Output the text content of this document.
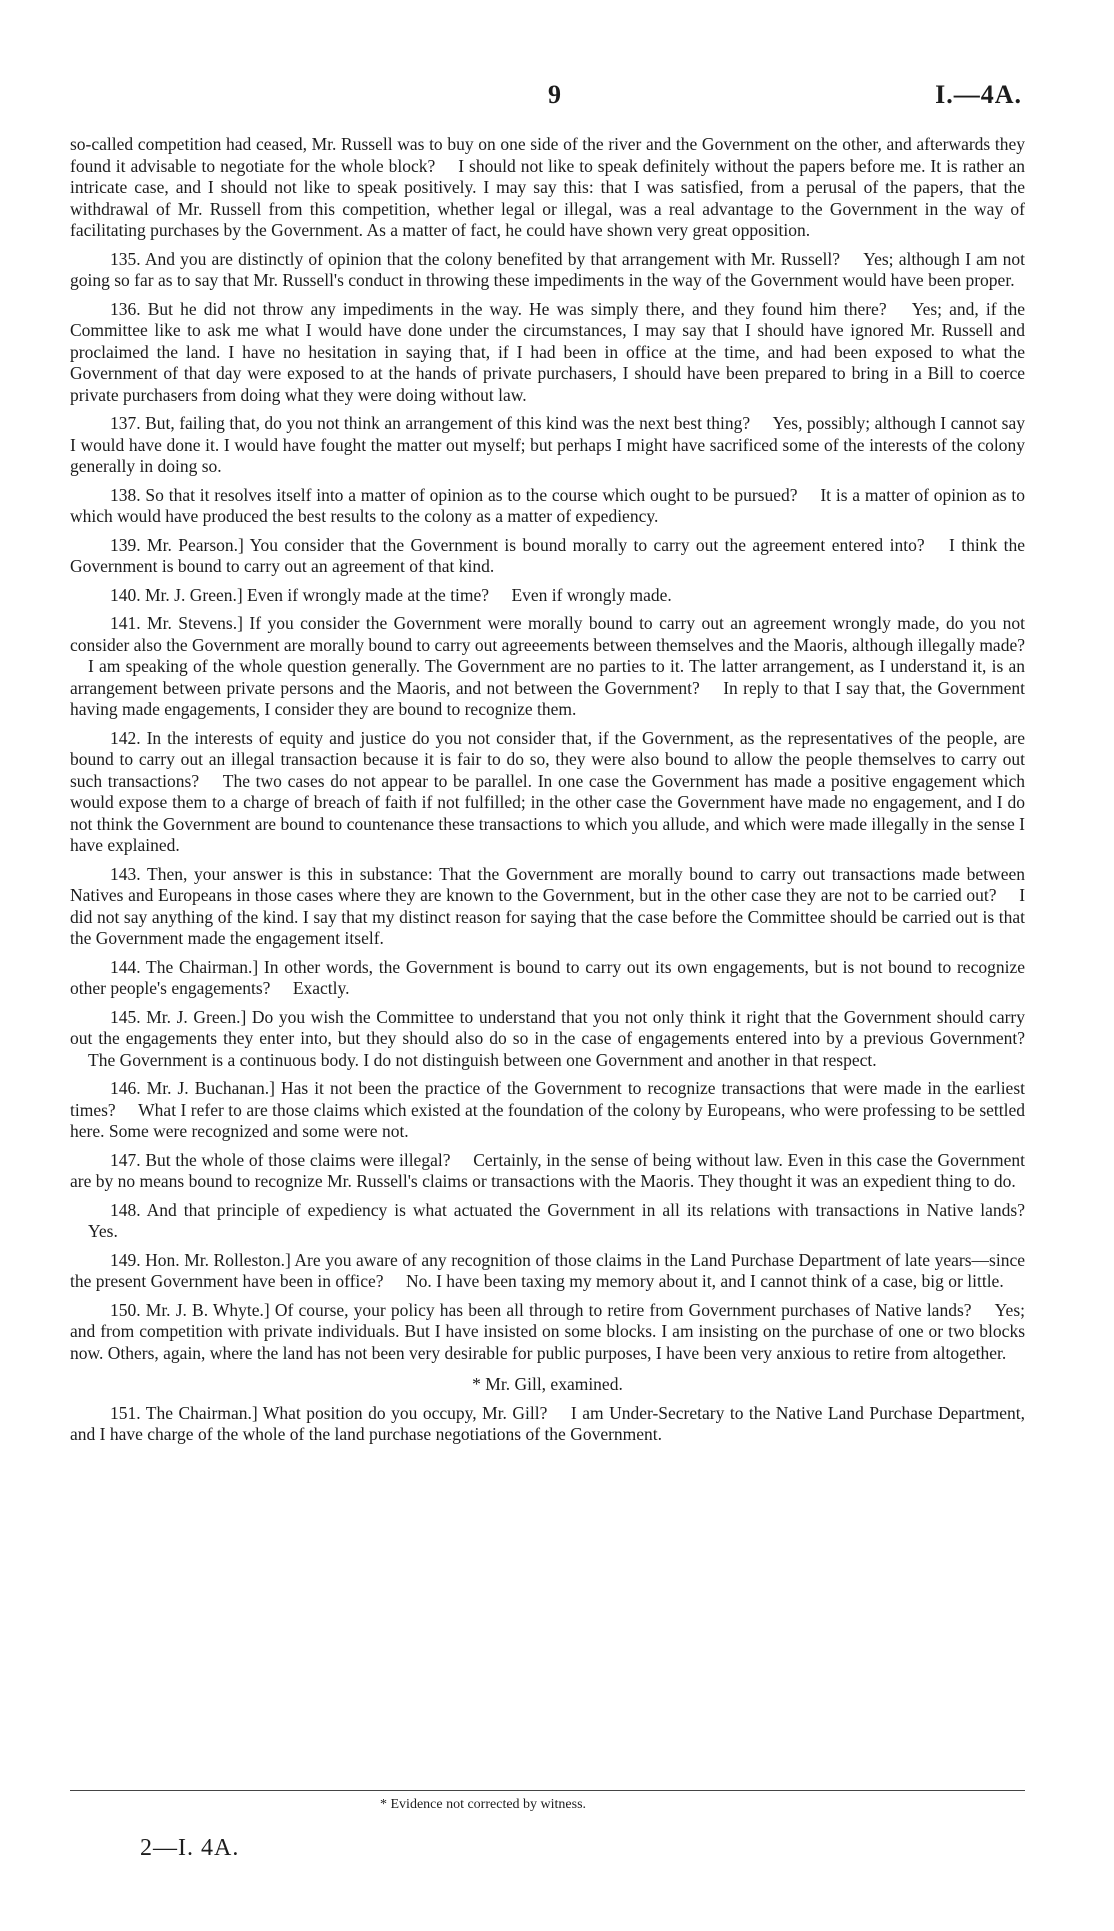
9	I.—4A.

so-called competition had ceased, Mr. Russell was to buy on one side of the river and the Government on the other, and afterwards they found it advisable to negotiate for the whole block? I should not like to speak definitely without the papers before me. It is rather an intricate case, and I should not like to speak positively. I may say this: that I was satisfied, from a perusal of the papers, that the withdrawal of Mr. Russell from this competition, whether legal or illegal, was a real advantage to the Government in the way of facilitating purchases by the Government. As a matter of fact, he could have shown very great opposition.

135. And you are distinctly of opinion that the colony benefited by that arrangement with Mr. Russell? Yes; although I am not going so far as to say that Mr. Russell's conduct in throwing these impediments in the way of the Government would have been proper.

136. But he did not throw any impediments in the way. He was simply there, and they found him there? Yes; and, if the Committee like to ask me what I would have done under the circumstances, I may say that I should have ignored Mr. Russell and proclaimed the land. I have no hesitation in saying that, if I had been in office at the time, and had been exposed to what the Government of that day were exposed to at the hands of private purchasers, I should have been prepared to bring in a Bill to coerce private purchasers from doing what they were doing without law.

137. But, failing that, do you not think an arrangement of this kind was the next best thing? Yes, possibly; although I cannot say I would have done it. I would have fought the matter out myself; but perhaps I might have sacrificed some of the interests of the colony generally in doing so.

138. So that it resolves itself into a matter of opinion as to the course which ought to be pursued? It is a matter of opinion as to which would have produced the best results to the colony as a matter of expediency.

139. Mr. Pearson.] You consider that the Government is bound morally to carry out the agreement entered into? I think the Government is bound to carry out an agreement of that kind.

140. Mr. J. Green.] Even if wrongly made at the time? Even if wrongly made.

141. Mr. Stevens.] If you consider the Government were morally bound to carry out an agreement wrongly made, do you not consider also the Government are morally bound to carry out agreeements between themselves and the Maoris, although illegally made? I am speaking of the whole question generally. The Government are no parties to it. The latter arrangement, as I understand it, is an arrangement between private persons and the Maoris, and not between the Government? In reply to that I say that, the Government having made engagements, I consider they are bound to recognize them.

142. In the interests of equity and justice do you not consider that, if the Government, as the representatives of the people, are bound to carry out an illegal transaction because it is fair to do so, they were also bound to allow the people themselves to carry out such transactions? The two cases do not appear to be parallel. In one case the Government has made a positive engagement which would expose them to a charge of breach of faith if not fulfilled; in the other case the Government have made no engagement, and I do not think the Government are bound to countenance these transactions to which you allude, and which were made illegally in the sense I have explained.

143. Then, your answer is this in substance: That the Government are morally bound to carry out transactions made between Natives and Europeans in those cases where they are known to the Government, but in the other case they are not to be carried out? I did not say anything of the kind. I say that my distinct reason for saying that the case before the Committee should be carried out is that the Government made the engagement itself.

144. The Chairman.] In other words, the Government is bound to carry out its own engagements, but is not bound to recognize other people's engagements? Exactly.

145. Mr. J. Green.] Do you wish the Committee to understand that you not only think it right that the Government should carry out the engagements they enter into, but they should also do so in the case of engagements entered into by a previous Government? The Government is a continuous body. I do not distinguish between one Government and another in that respect.

146. Mr. J. Buchanan.] Has it not been the practice of the Government to recognize transactions that were made in the earliest times? What I refer to are those claims which existed at the foundation of the colony by Europeans, who were professing to be settled here. Some were recognized and some were not.

147. But the whole of those claims were illegal? Certainly, in the sense of being without law. Even in this case the Government are by no means bound to recognize Mr. Russell's claims or transactions with the Maoris. They thought it was an expedient thing to do.

148. And that principle of expediency is what actuated the Government in all its relations with transactions in Native lands? Yes.

149. Hon. Mr. Rolleston.] Are you aware of any recognition of those claims in the Land Purchase Department of late years—since the present Government have been in office? No. I have been taxing my memory about it, and I cannot think of a case, big or little.

150. Mr. J. B. Whyte.] Of course, your policy has been all through to retire from Government purchases of Native lands? Yes; and from competition with private individuals. But I have insisted on some blocks. I am insisting on the purchase of one or two blocks now. Others, again, where the land has not been very desirable for public purposes, I have been very anxious to retire from altogether.

* Mr. Gill, examined.

151. The Chairman.] What position do you occupy, Mr. Gill? I am Under-Secretary to the Native Land Purchase Department, and I have charge of the whole of the land purchase negotiations of the Government.

* Evidence not corrected by witness.
2—I. 4A.
